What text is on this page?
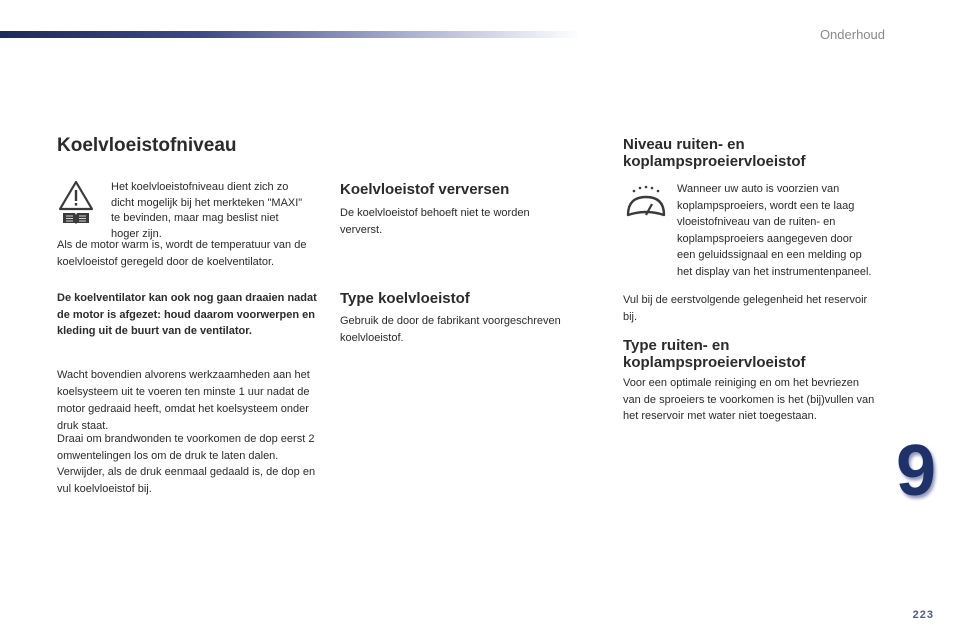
Onderhoud
Koelvloeistofniveau

Het koelvloeistofniveau dient zich zo dicht mogelijk bij het merkteken "MAXI" te bevinden, maar mag beslist niet hoger zijn.

Als de motor warm is, wordt de temperatuur van de koelvloeistof geregeld door de koelventilator.

De koelventilator kan ook nog gaan draaien nadat de motor is afgezet: houd daarom voorwerpen en kleding uit de buurt van de ventilator.

Wacht bovendien alvorens werkzaamheden aan het koelsysteem uit te voeren ten minste 1 uur nadat de motor gedraaid heeft, omdat het koelsysteem onder druk staat.

Draai om brandwonden te voorkomen de dop eerst 2 omwentelingen los om de druk te laten dalen. Verwijder, als de druk eenmaal gedaald is, de dop en vul koelvloeistof bij.

Koelvloeistof verversen

De koelvloeistof behoeft niet te worden ververst.

Type koelvloeistof

Gebruik de door de fabrikant voorgeschreven koelvloeistof.

Niveau ruiten- en koplampsproeiervloeistof

Wanneer uw auto is voorzien van koplampsproeiers, wordt een te laag vloeistofniveau van de ruiten- en koplampsproeiers aangegeven door een geluidssignaal en een melding op het display van het instrumentenpaneel.

Vul bij de eerstvolgende gelegenheid het reservoir bij.

Type ruiten- en koplampsproeiervloeistof

Voor een optimale reiniging en om het bevriezen van de sproeiers te voorkomen is het (bij)vullen van het reservoir met water niet toegestaan.

9
223
